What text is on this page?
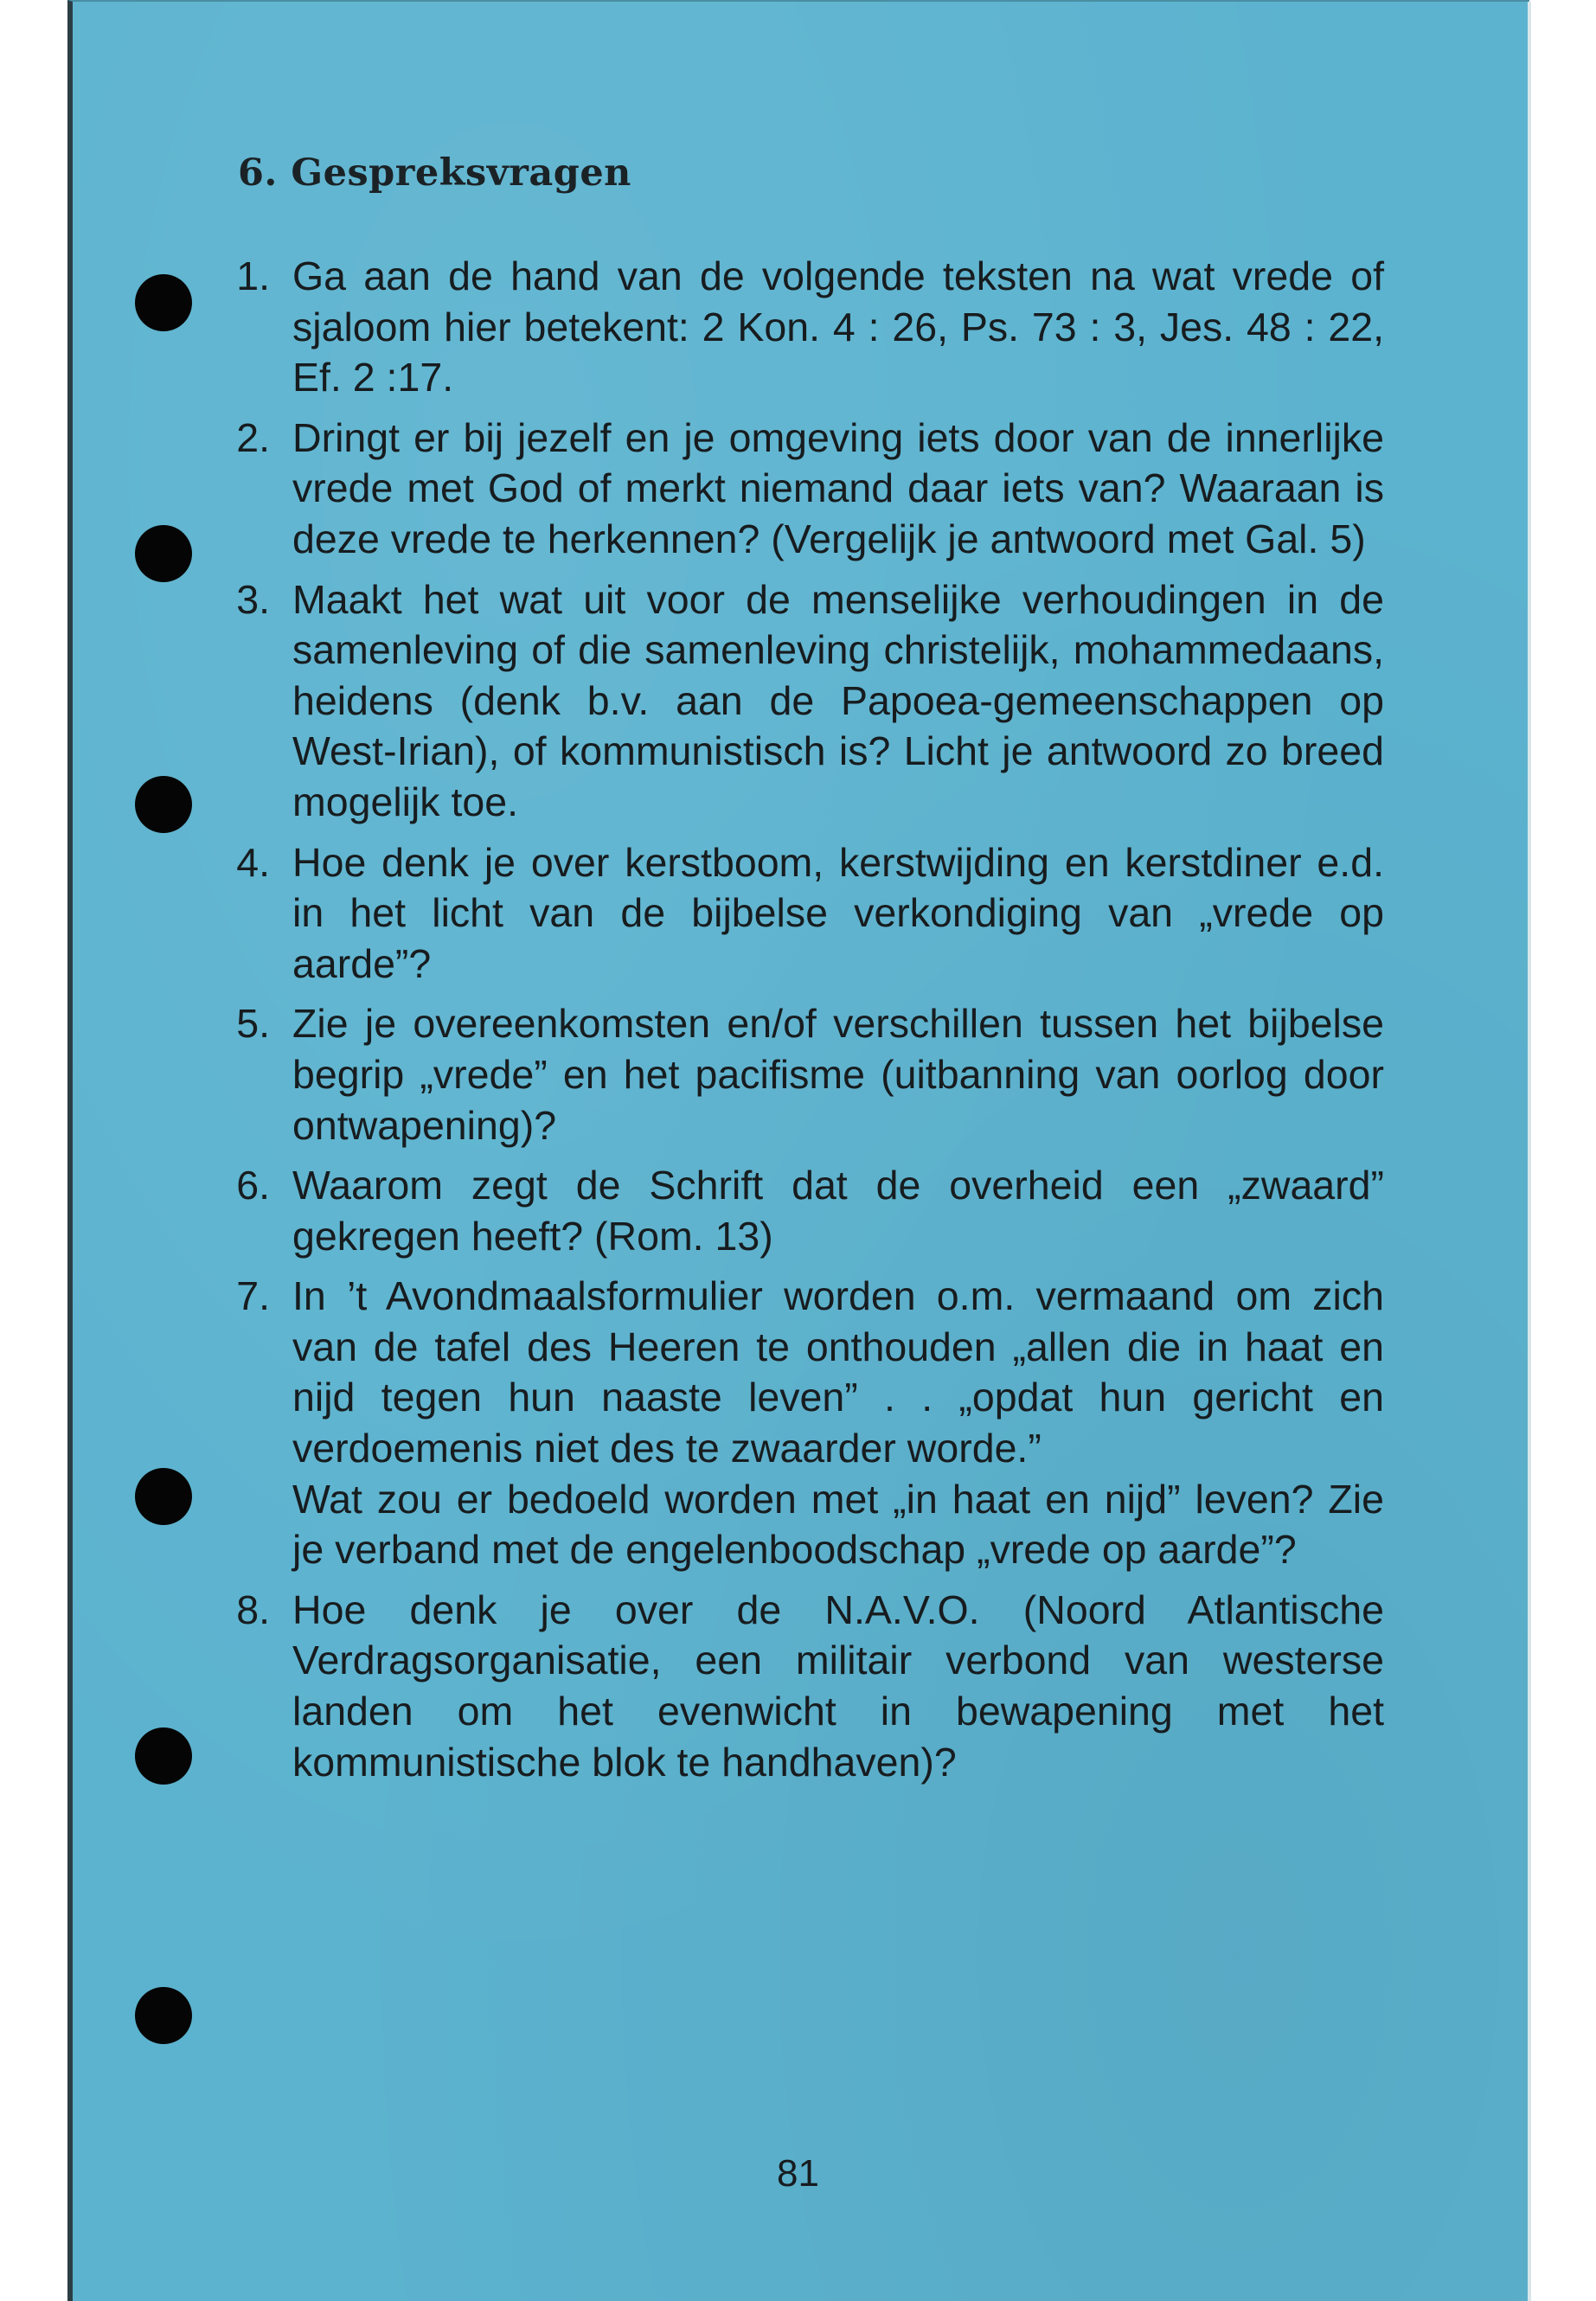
6. Gespreksvragen
1. Ga aan de hand van de volgende teksten na wat vrede of sjaloom hier betekent: 2 Kon. 4 : 26, Ps. 73 : 3, Jes. 48 : 22, Ef. 2 :17.
2. Dringt er bij jezelf en je omgeving iets door van de innerlijke vrede met God of merkt niemand daar iets van? Waaraan is deze vrede te herkennen? (Vergelijk je antwoord met Gal. 5)
3. Maakt het wat uit voor de menselijke verhoudingen in de samenleving of die samenleving christelijk, mohammedaans, heidens (denk b.v. aan de Papoea-gemeenschappen op West-Irian), of kommunistisch is? Licht je antwoord zo breed mogelijk toe.
4. Hoe denk je over kerstboom, kerstwijding en kerstdiner e.d. in het licht van de bijbelse verkondiging van „vrede op aarde”?
5. Zie je overeenkomsten en/of verschillen tussen het bijbelse begrip „vrede” en het pacifisme (uitbanning van oorlog door ontwapening)?
6. Waarom zegt de Schrift dat de overheid een „zwaard” gekregen heeft? (Rom. 13)
7. In ’t Avondmaalsformulier worden o.m. vermaand om zich van de tafel des Heeren te onthouden „allen die in haat en nijd tegen hun naaste leven” . . „opdat hun gericht en verdoemenis niet des te zwaarder worde.”
Wat zou er bedoeld worden met „in haat en nijd” leven? Zie je verband met de engelenboodschap „vrede op aarde”?
8. Hoe denk je over de N.A.V.O. (Noord Atlantische Verdragsorganisatie, een militair verbond van westerse landen om het evenwicht in bewapening met het kommunistische blok te handhaven)?
81
